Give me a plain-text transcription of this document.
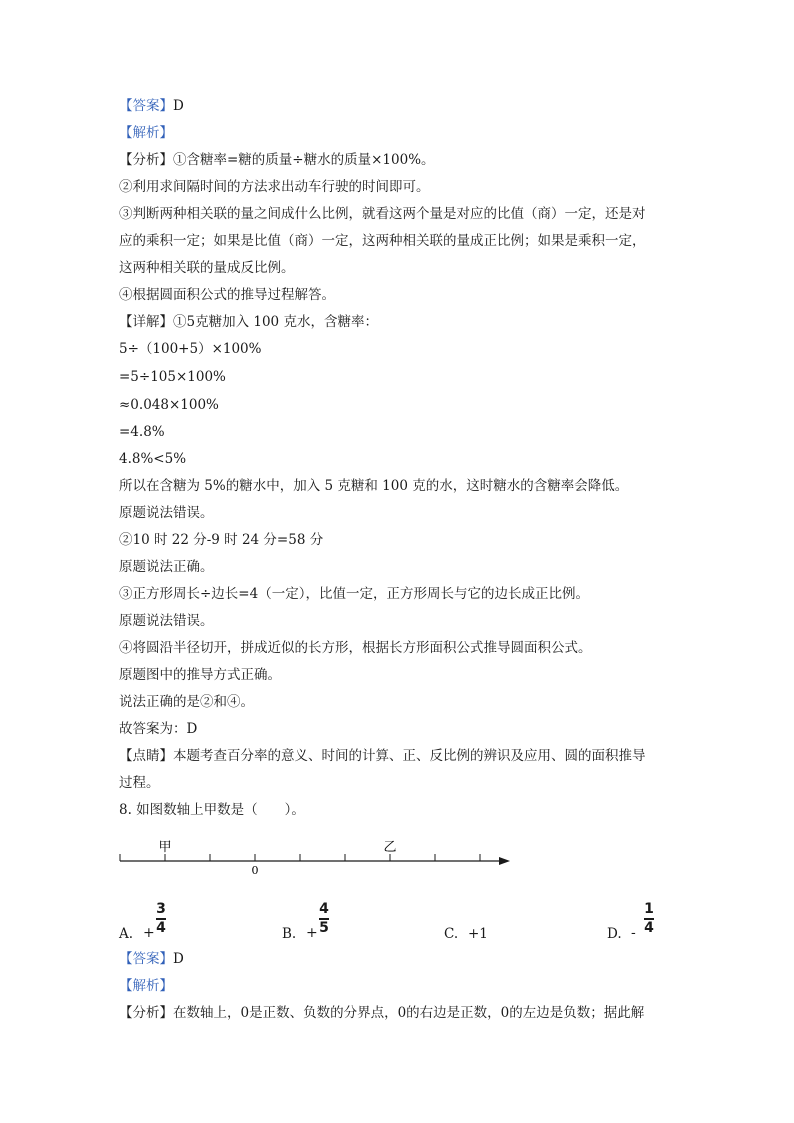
【答案】D
【解析】
【分析】①含糖率=糖的质量÷糖水的质量×100%。
②利用求间隔时间的方法求出动车行驶的时间即可。
③判断两种相关联的量之间成什么比例，就看这两个量是对应的比值（商）一定，还是对
应的乘积一定；如果是比值（商）一定，这两种相关联的量成正比例；如果是乘积一定，
这两种相关联的量成反比例。
④根据圆面积公式的推导过程解答。
【详解】①5克糖加入 100 克水，含糖率：
5÷（100+5）×100%
=5÷105×100%
≈0.048×100%
=4.8%
4.8%<5%
所以在含糖为 5%的糖水中，加入 5 克糖和 100 克的水，这时糖水的含糖率会降低。
原题说法错误。
②10 时 22 分-9 时 24 分=58 分
原题说法正确。
③正方形周长÷边长=4（一定），比值一定，正方形周长与它的边长成正比例。
原题说法错误。
④将圆沿半径切开，拼成近似的长方形，根据长方形面积公式推导圆面积公式。
原题图中的推导方式正确。
说法正确的是②和④。
故答案为：D
【点睛】本题考查百分率的意义、时间的计算、正、反比例的辨识及应用、圆的面积推导
过程。
8. 如图数轴上甲数是（　　）。
甲	乙
0
A. +
3
4	B. +
4
5	C. +1	D. -
1
4
【答案】D
【解析】
【分析】在数轴上，0是正数、负数的分界点，0的右边是正数，0的左边是负数；据此解
